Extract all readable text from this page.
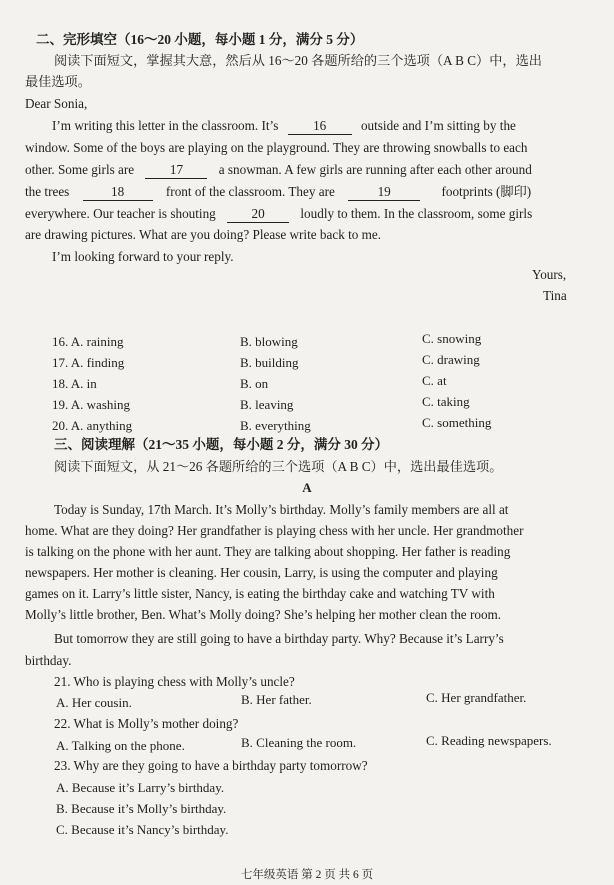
二、完形填空（16～20 小题，每小题 1 分，满分 5 分）
阅读下面短文，掌握其大意，然后从 16～20 各题所给的三个选项（A B C）中，选出
最佳选项。
Dear Sonia,
I’m writing this letter in the classroom. It’s	16	outside and I’m sitting by the
window. Some of the boys are playing on the playground. They are throwing snowballs to each
other. Some girls are	17	a snowman. A few girls are running after each other around
the trees	18	front of the classroom. They are	19	footprints (脚印)
everywhere. Our teacher is shouting	20	loudly to them. In the classroom, some girls
are drawing pictures. What are you doing? Please write back to me.
I’m looking forward to your reply.
Yours,
Tina
16. A. raining	B. blowing	C. snowing
17. A. finding	B. building	C. drawing
18. A. in	B. on	C. at
19. A. washing	B. leaving	C. taking
20. A. anything	B. everything	C. something
三、阅读理解（21～35 小题，每小题 2 分，满分 30 分）
阅读下面短文，从 21～26 各题所给的三个选项（A B C）中，选出最佳选项。
A
Today is Sunday, 17th March. It’s Molly’s birthday. Molly’s family members are all at
home. What are they doing? Her grandfather is playing chess with her uncle. Her grandmother
is talking on the phone with her aunt. They are talking about shopping. Her father is reading
newspapers. Her mother is cleaning. Her cousin, Larry, is using the computer and playing
games on it. Larry’s little sister, Nancy, is eating the birthday cake and watching TV with
Molly’s little brother, Ben. What’s Molly doing? She’s helping her mother clean the room.
But tomorrow they are still going to have a birthday party. Why? Because it’s Larry’s
birthday.
21. Who is playing chess with Molly’s uncle?
A. Her cousin.	B. Her father.	C. Her grandfather.
22. What is Molly’s mother doing?
A. Talking on the phone.	B. Cleaning the room.	C. Reading newspapers.
23. Why are they going to have a birthday party tomorrow?
A. Because it’s Larry’s birthday.
B. Because it’s Molly’s birthday.
C. Because it’s Nancy’s birthday.
七年级英语 第 2 页 共 6 页
